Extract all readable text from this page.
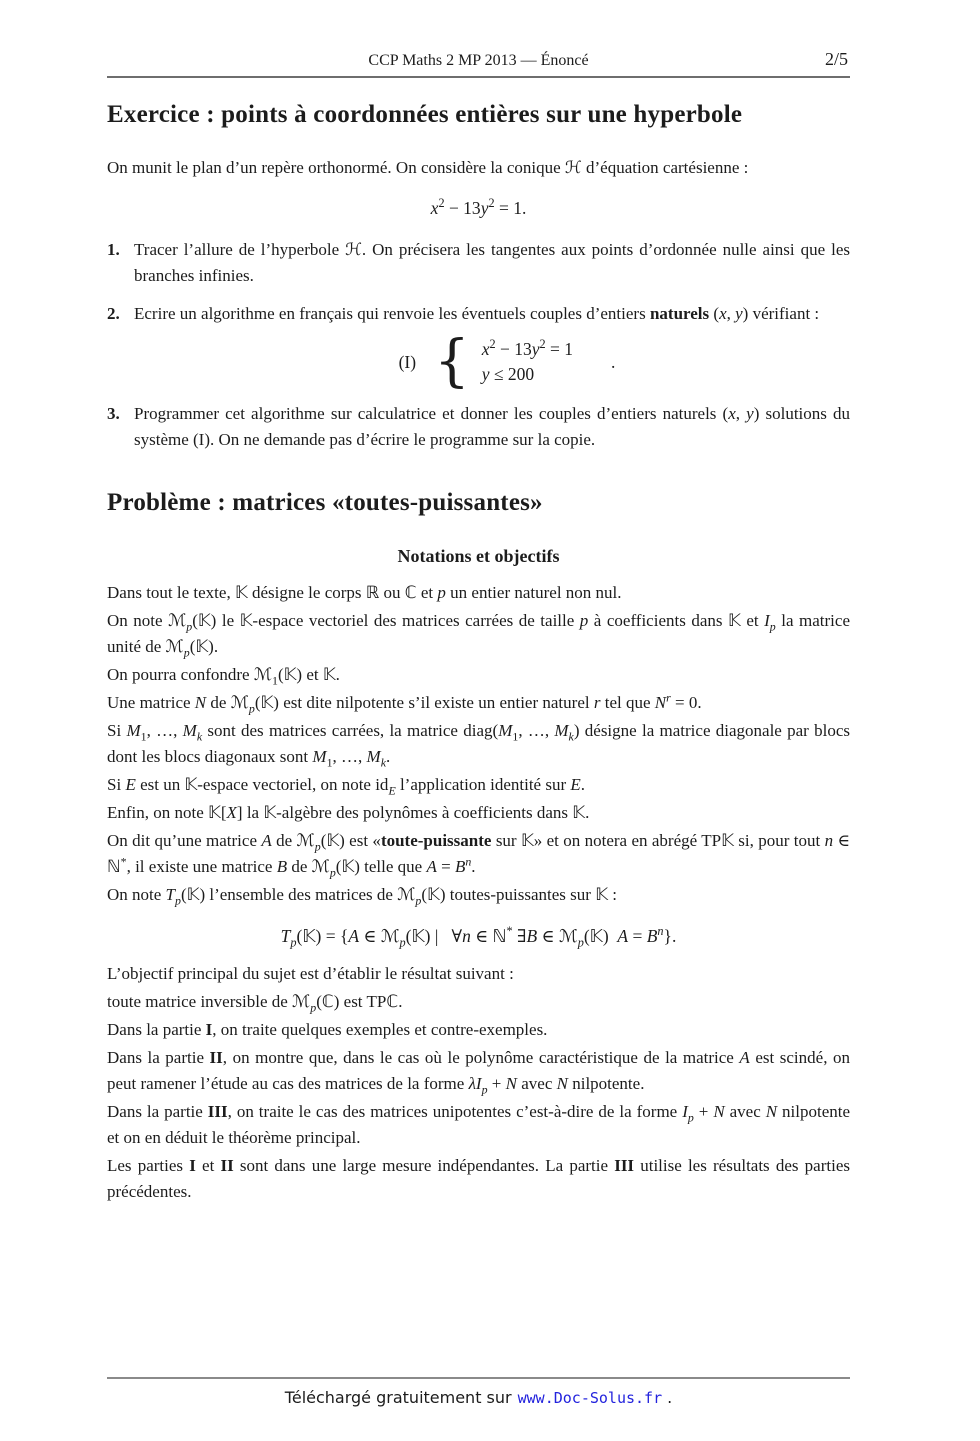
CCP Maths 2 MP 2013 — Énoncé	2/5
Exercice : points à coordonnées entières sur une hyperbole

On munit le plan d’un repère orthonormé. On considère la conique ℋ d’équation cartésienne :

$x^2 - 13y^2 = 1$.
1. Tracer l’allure de l’hyperbole ℋ. On précisera les tangentes aux points d’ordonnée nulle ainsi que les branches infinies.
2. Ecrire un algorithme en français qui renvoie les éventuels couples d’entiers naturels (x, y) vérifiant :
(I) { $x^2 - 13y^2 = 1$
y ≤ 200
.
3. Programmer cet algorithme sur calculatrice et donner les couples d’entiers naturels (x, y) solutions du système (I). On ne demande pas d’écrire le programme sur la copie.
Problème : matrices «toutes-puissantes»
Notations et objectifs

Dans tout le texte, 𝕂 désigne le corps ℝ ou ℂ et p un entier naturel non nul.

On note ℳ$_p$(𝕂) le 𝕂-espace vectoriel des matrices carrées de taille p à coefficients dans 𝕂 et $I_p$ la matrice unité de ℳ$_p$(𝕂).

On pourra confondre ℳ$_1$(𝕂) et 𝕂.

Une matrice N de ℳ$_p$(𝕂) est dite nilpotente s’il existe un entier naturel r tel que $N^r = 0$.

Si $M_1$, …, $M_k$ sont des matrices carrées, la matrice $diag(M_1$, …, $M_k$) désigne la matrice diagonale par blocs dont les blocs diagonaux sont $M_1$, …, $M_k$.

Si E est un 𝕂-espace vectoriel, on note $id_E$ l’application identité sur E.

Enfin, on note 𝕂[X] la 𝕂-algèbre des polynômes à coefficients dans 𝕂.

On dit qu’une matrice A de ℳ$_p$(𝕂) est «toute-puissante sur 𝕂» et on notera en abrégé TP𝕂 si, pour tout n ∈ ℕ*, il existe une matrice B de ℳ$_p$(𝕂) telle que $A = B^n$.

On note $T_p(𝕂)$ l’ensemble des matrices de ℳ$_p$(𝕂) toutes-puissantes sur 𝕂 :

$T_p(𝕂) = \{A$ ∈ ℳ$_p$(𝕂) |   ∀n ∈ ℕ* ∃B ∈ ℳ$_p$(𝕂)  $A = B^n$}.

L’objectif principal du sujet est d’établir le résultat suivant :

toute matrice inversible de ℳ$_p$(ℂ) est TPℂ.

Dans la partie I, on traite quelques exemples et contre-exemples.

Dans la partie II, on montre que, dans le cas où le polynôme caractéristique de la matrice A est scindé, on peut ramener l’étude au cas des matrices de la forme $\lambda I_p + N$ avec N nilpotente.

Dans la partie III, on traite le cas des matrices unipotentes c’est-à-dire de la forme $I_p + N$ avec N nilpotente et on en déduit le théorème principal.

Les parties I et II sont dans une large mesure indépendantes. La partie III utilise les résultats des parties précédentes.

Téléchargé gratuitement sur www.Doc-Solus.fr .
